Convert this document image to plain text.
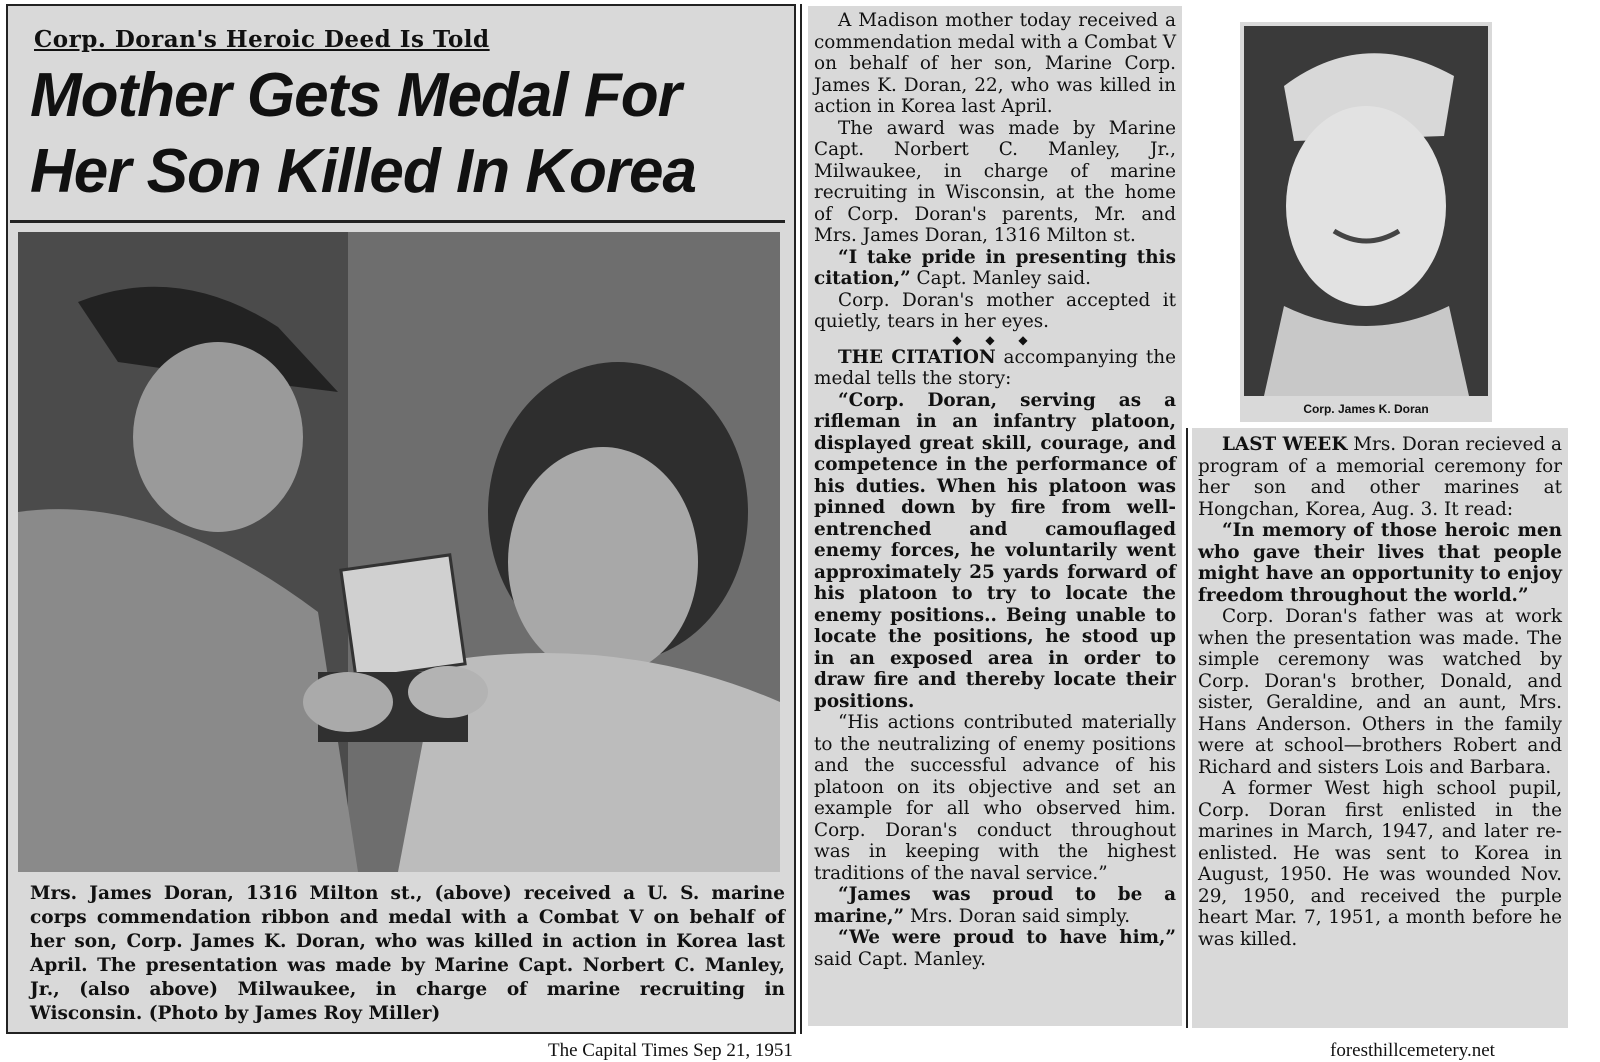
Corp. Doran's Heroic Deed Is Told
Mother Gets Medal For
Her Son Killed In Korea
Mrs. James Doran, 1316 Milton st., (above) received a U. S. marine corps commendation ribbon and medal with a Combat V on behalf of her son, Corp. James K. Doran, who was killed in action in Korea last April. The presentation was made by Marine Capt. Norbert C. Manley, Jr., (also above) Milwaukee, in charge of marine recruiting in Wisconsin. (Photo by James Roy Miller)

A Madison mother today received a commendation medal with a Combat V on behalf of her son, Marine Corp. James K. Doran, 22, who was killed in action in Korea last April.

The award was made by Marine Capt. Norbert C. Manley, Jr., Milwaukee, in charge of marine recruiting in Wisconsin, at the home of Corp. Doran's parents, Mr. and Mrs. James Doran, 1316 Milton st.

“I take pride in presenting this citation,” Capt. Manley said.

Corp. Doran's mother accepted it quietly, tears in her eyes.

◆ ◆ ◆

THE CITATION accompanying the medal tells the story:

“Corp. Doran, serving as a rifleman in an infantry platoon, displayed great skill, courage, and competence in the performance of his duties. When his platoon was pinned down by fire from well-entrenched and camouflaged enemy forces, he voluntarily went approximately 25 yards forward of his platoon to try to locate the enemy positions.. Being unable to locate the positions, he stood up in an exposed area in order to draw fire and thereby locate their positions.

“His actions contributed materially to the neutralizing of enemy positions and the successful advance of his platoon on its objective and set an example for all who observed him. Corp. Doran's conduct throughout was in keeping with the highest traditions of the naval service.”

“James was proud to be a marine,” Mrs. Doran said simply.

“We were proud to have him,” said Capt. Manley.

Corp. James K. Doran

LAST WEEK Mrs. Doran recieved a program of a memorial ceremony for her son and other marines at Hongchan, Korea, Aug. 3. It read:

“In memory of those heroic men who gave their lives that people might have an opportunity to enjoy freedom throughout the world.”

Corp. Doran's father was at work when the presentation was made. The simple ceremony was watched by Corp. Doran's brother, Donald, and sister, Geraldine, and an aunt, Mrs. Hans Anderson. Others in the family were at school—brothers Robert and Richard and sisters Lois and Barbara.

A former West high school pupil, Corp. Doran first enlisted in the marines in March, 1947, and later re-enlisted. He was sent to Korea in August, 1950. He was wounded Nov. 29, 1950, and received the purple heart Mar. 7, 1951, a month before he was killed.

The Capital Times Sep 21, 1951	foresthillcemetery.net
